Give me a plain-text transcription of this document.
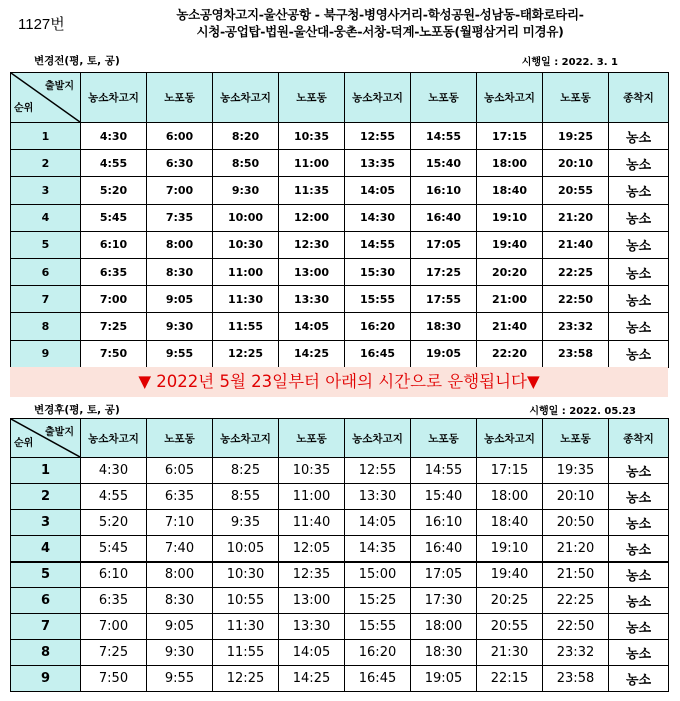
1127번
농소공영차고지-울산공항 - 북구청-병영사거리-학성공원-성남동-태화로타리-
시청-공업탑-법원-울산대-웅촌-서창-덕계-노포동(월평삼거리 미경유)
변경전(평, 토, 공)	시행일 : 2022. 3. 1
출발지
순위	농소차고지	노포동	농소차고지	노포동	농소차고지	노포동	농소차고지	노포동	종착지
1	4:30	6:00	8:20	10:35	12:55	14:55	17:15	19:25	농소
2	4:55	6:30	8:50	11:00	13:35	15:40	18:00	20:10	농소
3	5:20	7:00	9:30	11:35	14:05	16:10	18:40	20:55	농소
4	5:45	7:35	10:00	12:00	14:30	16:40	19:10	21:20	농소
5	6:10	8:00	10:30	12:30	14:55	17:05	19:40	21:40	농소
6	6:35	8:30	11:00	13:00	15:30	17:25	20:20	22:25	농소
7	7:00	9:05	11:30	13:30	15:55	17:55	21:00	22:50	농소
8	7:25	9:30	11:55	14:05	16:20	18:30	21:40	23:32	농소
9	7:50	9:55	12:25	14:25	16:45	19:05	22:20	23:58	농소
▼ 2022년 5월 23일부터 아래의 시간으로 운행됩니다▼
변경후(평, 토, 공)	시행일 : 2022. 05.23
출발지
순위	농소차고지	노포동	농소차고지	노포동	농소차고지	노포동	농소차고지	노포동	종착지
1	4:30	6:05	8:25	10:35	12:55	14:55	17:15	19:35	농소
2	4:55	6:35	8:55	11:00	13:30	15:40	18:00	20:10	농소
3	5:20	7:10	9:35	11:40	14:05	16:10	18:40	20:50	농소
4	5:45	7:40	10:05	12:05	14:35	16:40	19:10	21:20	농소
5	6:10	8:00	10:30	12:35	15:00	17:05	19:40	21:50	농소
6	6:35	8:30	10:55	13:00	15:25	17:30	20:25	22:25	농소
7	7:00	9:05	11:30	13:30	15:55	18:00	20:55	22:50	농소
8	7:25	9:30	11:55	14:05	16:20	18:30	21:30	23:32	농소
9	7:50	9:55	12:25	14:25	16:45	19:05	22:15	23:58	농소
